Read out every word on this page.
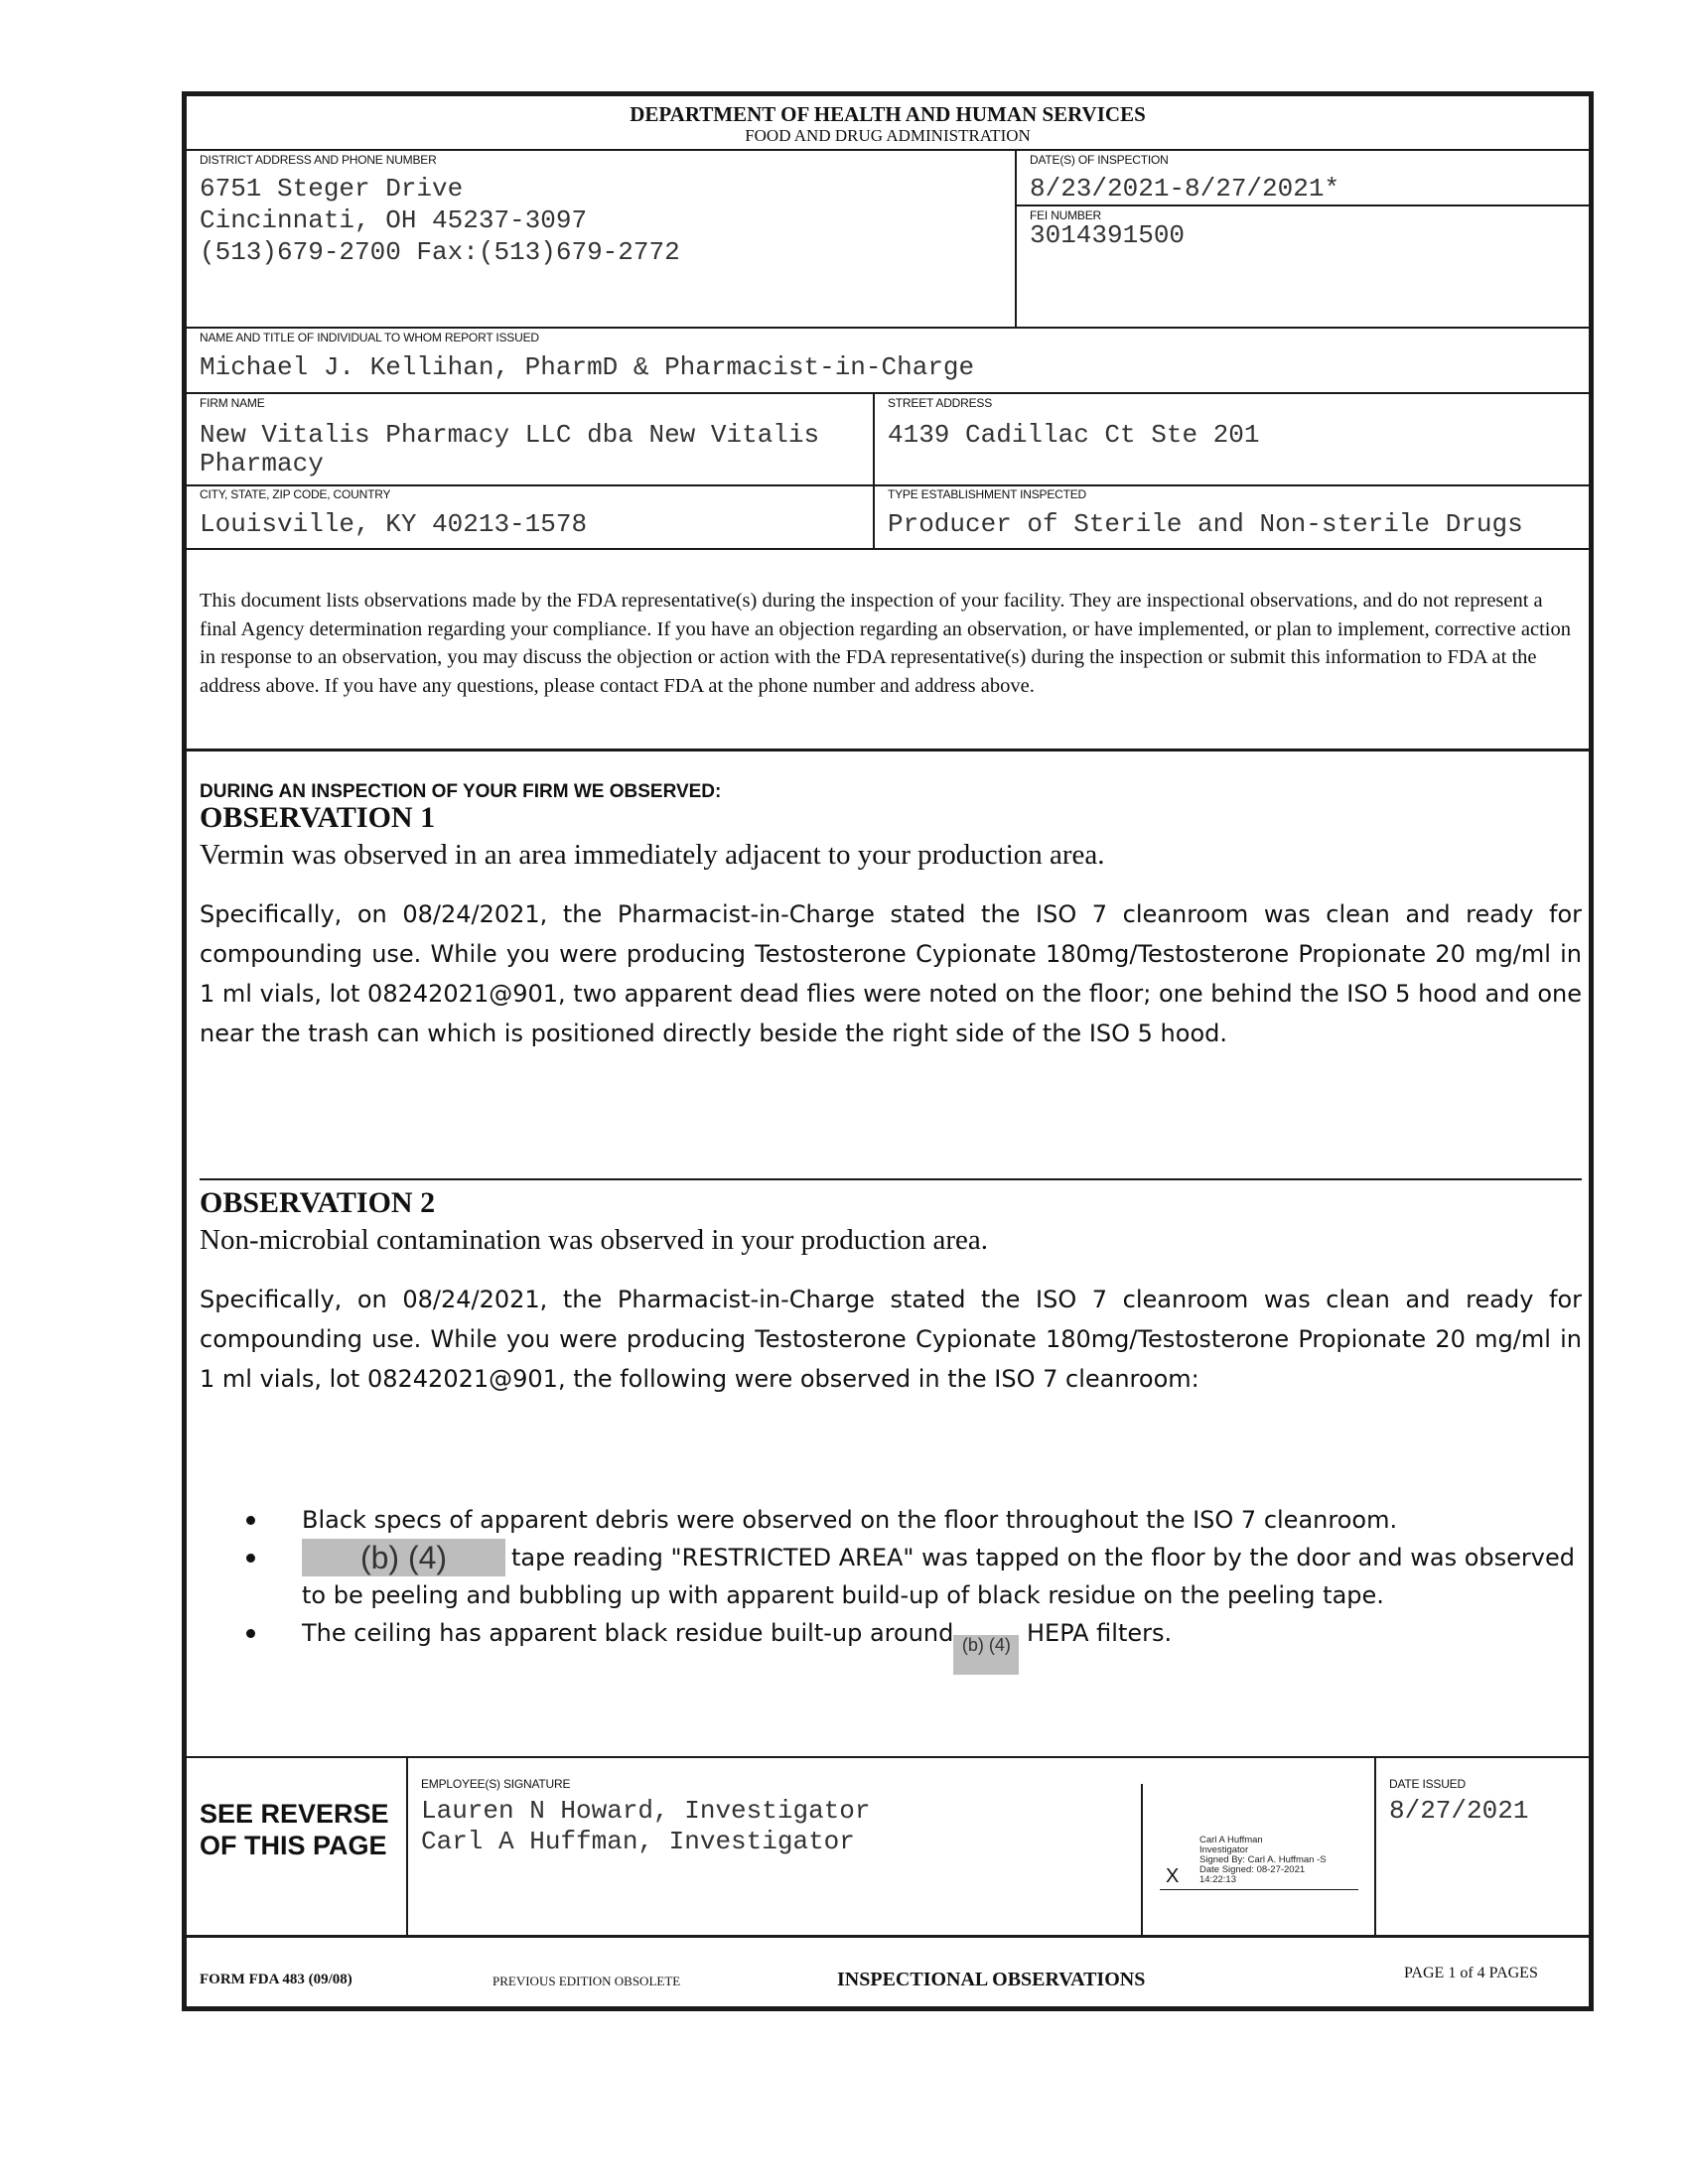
DEPARTMENT OF HEALTH AND HUMAN SERVICES
FOOD AND DRUG ADMINISTRATION
DISTRICT ADDRESS AND PHONE NUMBER
6751 Steger Drive
Cincinnati, OH 45237-3097
(513)679-2700 Fax:(513)679-2772
DATE(S) OF INSPECTION
8/23/2021-8/27/2021*
FEI NUMBER
3014391500
NAME AND TITLE OF INDIVIDUAL TO WHOM REPORT ISSUED
Michael J. Kellihan, PharmD & Pharmacist-in-Charge
FIRM NAME
New Vitalis Pharmacy LLC dba New Vitalis
Pharmacy
STREET ADDRESS
4139 Cadillac Ct Ste 201
CITY, STATE, ZIP CODE, COUNTRY
Louisville, KY 40213-1578
TYPE ESTABLISHMENT INSPECTED
Producer of Sterile and Non-sterile Drugs
This document lists observations made by the FDA representative(s) during the inspection of your facility. They are inspectional observations, and do not represent a final Agency determination regarding your compliance. If you have an objection regarding an observation, or have implemented, or plan to implement, corrective action in response to an observation, you may discuss the objection or action with the FDA representative(s) during the inspection or submit this information to FDA at the address above. If you have any questions, please contact FDA at the phone number and address above.
DURING AN INSPECTION OF YOUR FIRM WE OBSERVED:
OBSERVATION 1
Vermin was observed in an area immediately adjacent to your production area.
Specifically, on 08/24/2021, the Pharmacist-in-Charge stated the ISO 7 cleanroom was clean and ready for compounding use. While you were producing Testosterone Cypionate 180mg/Testosterone Propionate 20 mg/ml in 1 ml vials, lot 08242021@901, two apparent dead flies were noted on the floor; one behind the ISO 5 hood and one near the trash can which is positioned directly beside the right side of the ISO 5 hood.
OBSERVATION 2
Non-microbial contamination was observed in your production area.
Specifically, on 08/24/2021, the Pharmacist-in-Charge stated the ISO 7 cleanroom was clean and ready for compounding use. While you were producing Testosterone Cypionate 180mg/Testosterone Propionate 20 mg/ml in 1 ml vials, lot 08242021@901, the following were observed in the ISO 7 cleanroom:
Black specs of apparent debris were observed on the floor throughout the ISO 7 cleanroom.
(b) (4)	tape reading "RESTRICTED AREA" was tapped on the floor by the door and was observed to be peeling and bubbling up with apparent build-up of black residue on the peeling tape.
The ceiling has apparent black residue built-up around (b) (4) HEPA filters.
SEE REVERSE
OF THIS PAGE
EMPLOYEE(S) SIGNATURE
Lauren N Howard, Investigator
Carl A Huffman, Investigator	Carl A Huffman
Investigator
Signed By: Carl A. Huffman -S
Date Signed: 08-27-2021
14:22:13
X
DATE ISSUED
8/27/2021
FORM FDA 483 (09/08)	PREVIOUS EDITION OBSOLETE	INSPECTIONAL OBSERVATIONS	PAGE 1 of 4 PAGES
